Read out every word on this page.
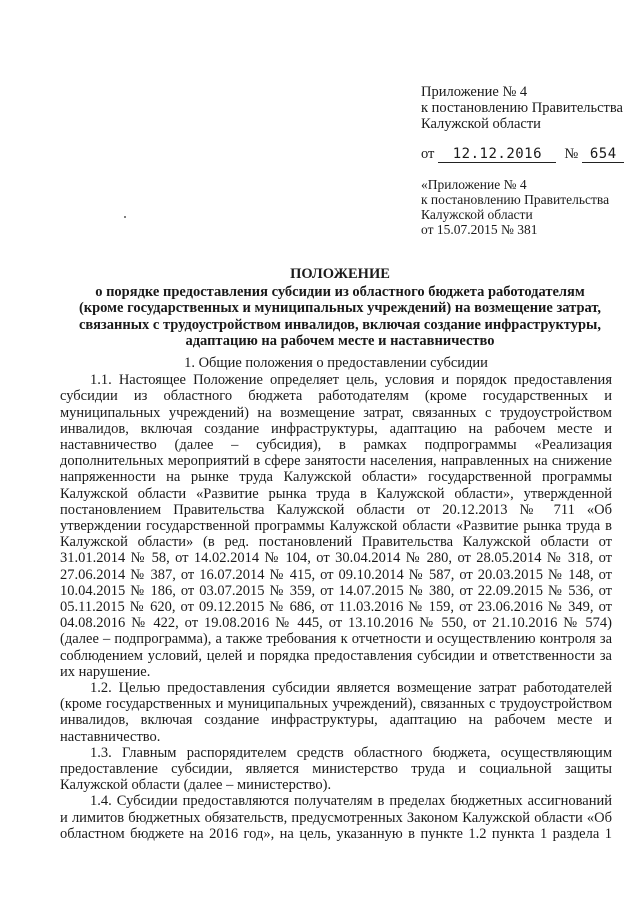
Приложение № 4
к постановлению Правительства
Калужской области
от	12.12.2016	№ 654
«Приложение № 4
к постановлению Правительства
Калужской области
от 15.07.2015 № 381
ПОЛОЖЕНИЕ
о порядке предоставления субсидии из областного бюджета работодателям
(кроме государственных и муниципальных учреждений) на возмещение затрат,
связанных с трудоустройством инвалидов, включая создание инфраструктуры,
адаптацию на рабочем месте и наставничество
1. Общие положения о предоставлении субсидии

1.1. Настоящее Положение определяет цель, условия и порядок предоставления субсидии из областного бюджета работодателям (кроме государственных и муниципальных учреждений) на возмещение затрат, связанных с трудоустройством инвалидов, включая создание инфраструктуры, адаптацию на рабочем месте и наставничество (далее – субсидия), в рамках подпрограммы «Реализация дополнительных мероприятий в сфере занятости населения, направленных на снижение напряженности на рынке труда Калужской области» государственной программы Калужской области «Развитие рынка труда в Калужской области», утвержденной постановлением Правительства Калужской области от 20.12.2013 № 711 «Об утверждении государственной программы Калужской области «Развитие рынка труда в Калужской области» (в ред. постановлений Правительства Калужской области от 31.01.2014 № 58, от 14.02.2014 № 104, от 30.04.2014 № 280, от 28.05.2014 № 318, от 27.06.2014 № 387, от 16.07.2014 № 415, от 09.10.2014 № 587, от 20.03.2015 № 148, от 10.04.2015 № 186, от 03.07.2015 № 359, от 14.07.2015 № 380, от 22.09.2015 № 536, от 05.11.2015 № 620, от 09.12.2015 № 686, от 11.03.2016 № 159, от 23.06.2016 № 349, от 04.08.2016 № 422, от 19.08.2016 № 445, от 13.10.2016 № 550, от 21.10.2016 № 574) (далее – подпрограмма), а также требования к отчетности и осуществлению контроля за соблюдением условий, целей и порядка предоставления субсидии и ответственности за их нарушение.

1.2. Целью предоставления субсидии является возмещение затрат работодателей (кроме государственных и муниципальных учреждений), связанных с трудоустройством инвалидов, включая создание инфраструктуры, адаптацию на рабочем месте и наставничество.

1.3. Главным распорядителем средств областного бюджета, осуществляющим предоставление субсидии, является министерство труда и социальной защиты Калужской области (далее – министерство).

1.4. Субсидии предоставляются получателям в пределах бюджетных ассигнований и лимитов бюджетных обязательств, предусмотренных Законом Калужской области «Об областном бюджете на 2016 год», на цель, указанную в пункте 1.2 пункта 1 раздела 1
